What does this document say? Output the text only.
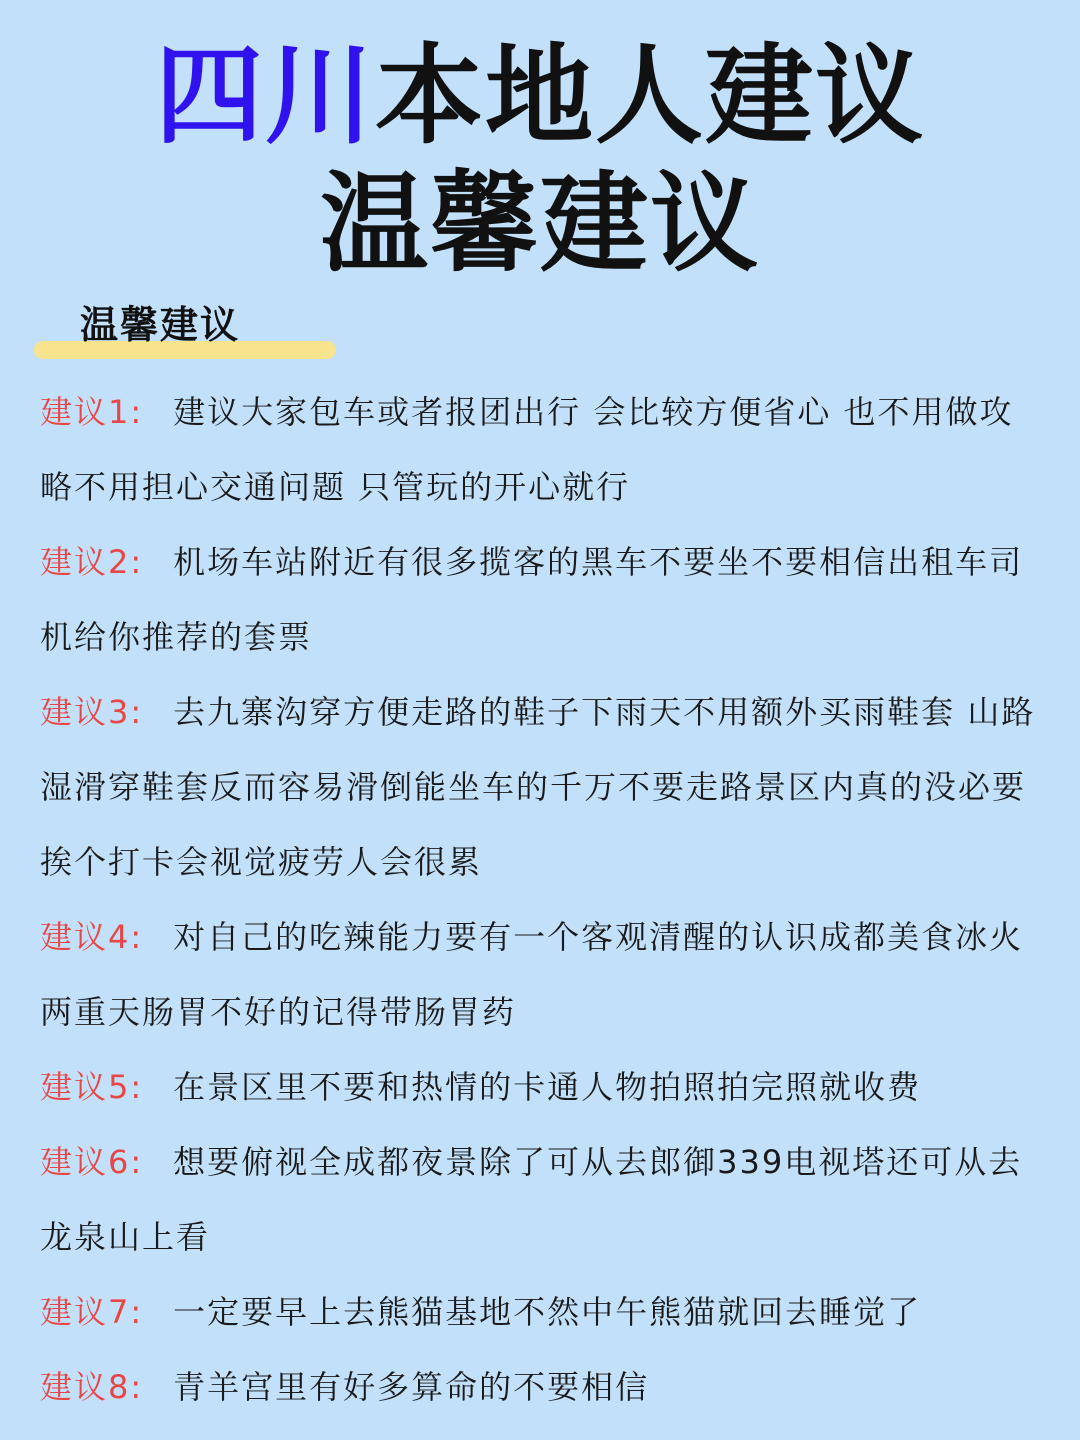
四川本地人建议
温馨建议
温馨建议

建议1: 建议大家包车或者报团出行 会比较方便省心 也不用做攻略不用担心交通问题 只管玩的开心就行

建议2: 机场车站附近有很多揽客的黑车不要坐不要相信出租车司机给你推荐的套票

建议3: 去九寨沟穿方便走路的鞋子下雨天不用额外买雨鞋套 山路湿滑穿鞋套反而容易滑倒能坐车的千万不要走路景区内真的没必要挨个打卡会视觉疲劳人会很累

建议4: 对自己的吃辣能力要有一个客观清醒的认识成都美食冰火两重天肠胃不好的记得带肠胃药

建议5: 在景区里不要和热情的卡通人物拍照拍完照就收费

建议6: 想要俯视全成都夜景除了可从去郎御339电视塔还可从去龙泉山上看

建议7: 一定要早上去熊猫基地不然中午熊猫就回去睡觉了

建议8: 青羊宫里有好多算命的不要相信
